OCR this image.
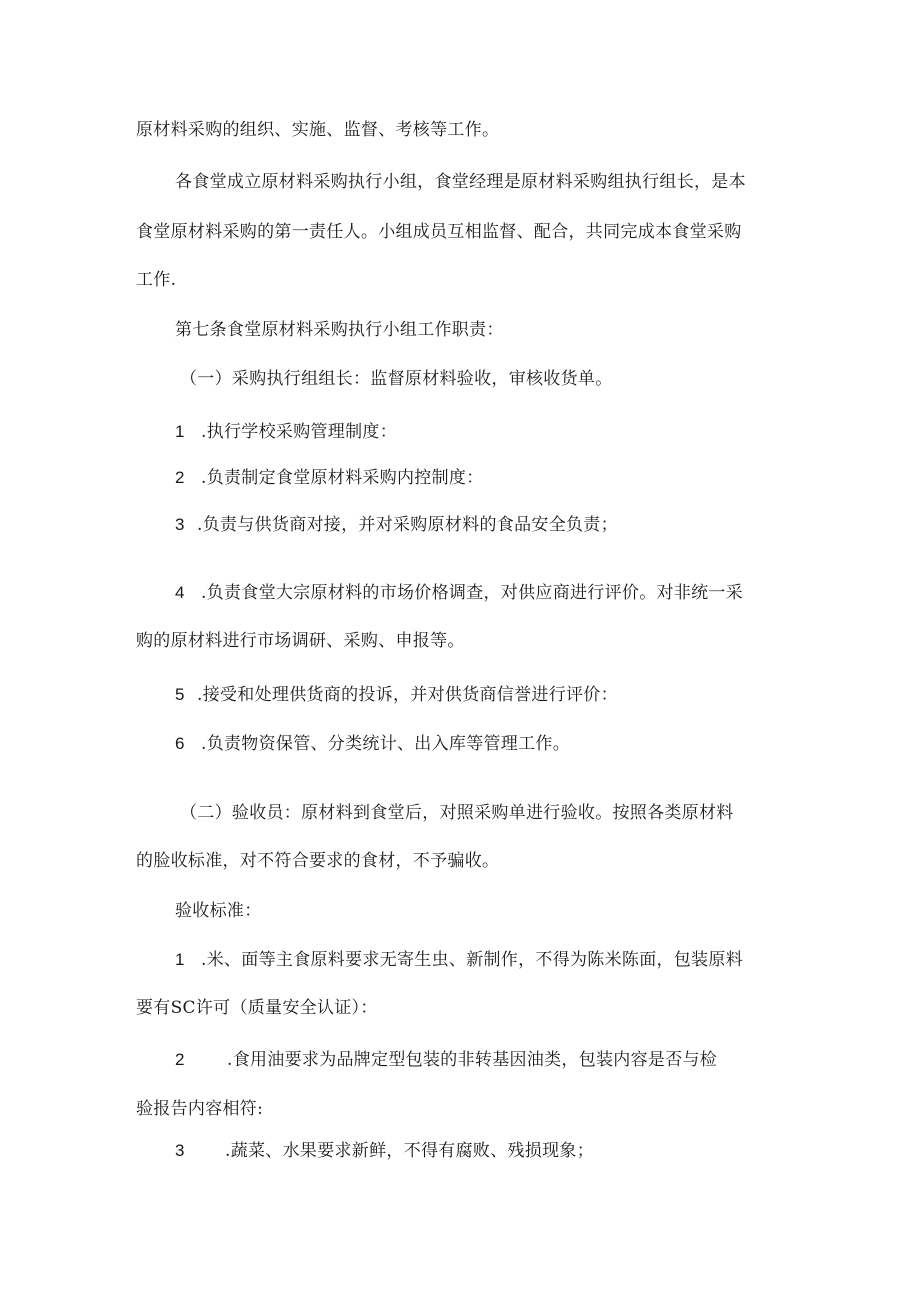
原材料采购的组织、实施、监督、考核等工作。
各食堂成立原材料采购执行小组，食堂经理是原材料采购组执行组长，是本
食堂原材料采购的第一责任人。小组成员互相监督、配合，共同完成本食堂采购
工作.
第七条食堂原材料采购执行小组工作职责：
（一）采购执行组组长：监督原材料验收，审核收货单。
1 .执行学校采购管理制度：
2 .负责制定食堂原材料采购内控制度：
3 .负责与供货商对接，并对采购原材料的食品安全负责；
4 .负责食堂大宗原材料的市场价格调查，对供应商进行评价。对非统一采
购的原材料进行市场调研、采购、申报等。
5 .接受和处理供货商的投诉，并对供货商信誉进行评价：
6 .负责物资保管、分类统计、出入库等管理工作。
（二）验收员：原材料到食堂后，对照采购单进行验收。按照各类原材料
的脸收标准，对不符合要求的食材，不予骗收。
验收标准：
1 .米、面等主食原料要求无寄生虫、新制作，不得为陈米陈面，包装原料
要有SC许可（质量安全认证）：
2 .食用油要求为品牌定型包装的非转基因油类，包装内容是否与检
验报告内容相符:
3 .蔬菜、水果要求新鲜，不得有腐败、残损现象；
